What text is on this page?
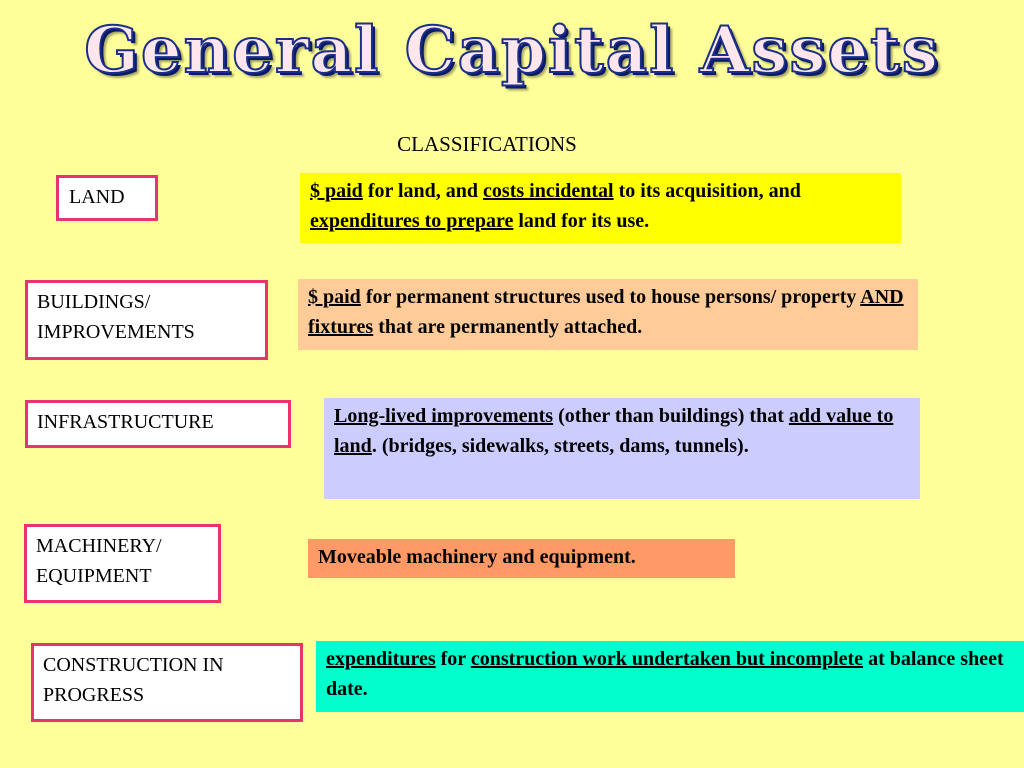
General Capital Assets
CLASSIFICATIONS
LAND	$ paid for land, and costs incidental to its acquisition, and expenditures to prepare land for its use.
BUILDINGS/
IMPROVEMENTS
$ paid for permanent structures used to house persons/ property AND fixtures that are permanently attached.
INFRASTRUCTURE	Long-lived improvements (other than buildings) that add value to land. (bridges, sidewalks, streets, dams, tunnels).
MACHINERY/
EQUIPMENT
Moveable machinery and equipment.
CONSTRUCTION IN
PROGRESS
expenditures for construction work undertaken but incomplete at balance sheet date.
